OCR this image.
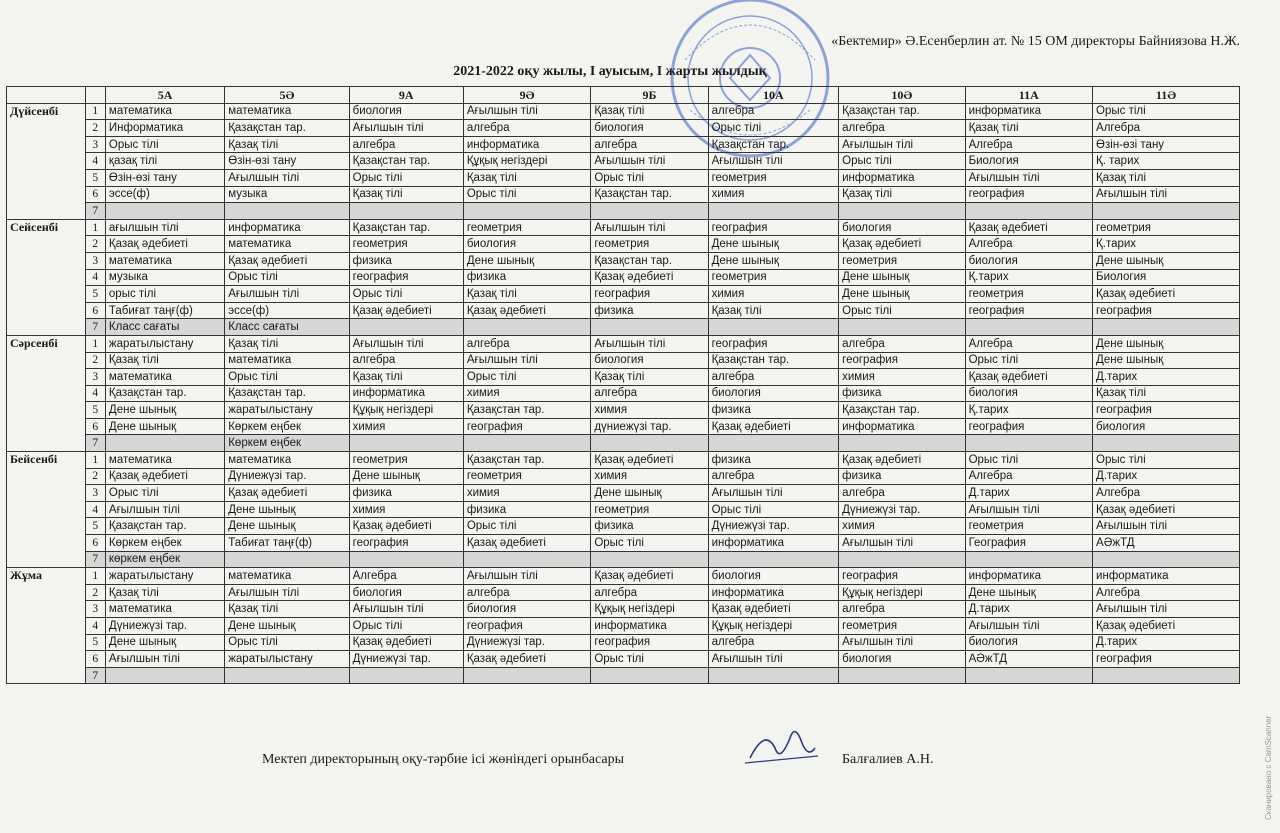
«Бектемир» Ә.Есенберлин ат. № 15 ОМ директоры Байниязова Н.Ж.
2021-2022 оқу жылы, I ауысым, I жарты жылдық
		5А	5Ә	9А	9Ә	9Б	10А	10Ә	11А	11Ә
Дүйсенбі	1	математика	математика	биология	Ағылшын тілі	Қазақ тілі	алгебра	Қазақстан тар.	информатика	Орыс тілі
	2	Информатика	Қазақстан тар.	Ағылшын тілі	алгебра	биология	Орыс тілі	алгебра	Қазақ тілі	Алгебра
	3	Орыс тілі	Қазақ тілі	алгебра	информатика	алгебра	Қазақстан тар.	Ағылшын тілі	Алгебра	Өзін-өзі тану
	4	қазақ тілі	Өзін-өзі тану	Қазақстан тар.	Құқық негіздері	Ағылшын тілі	Ағылшын тілі	Орыс тілі	Биология	Қ. тарих
	5	Өзін-өзі тану	Ағылшын тілі	Орыс тілі	Қазақ тілі	Орыс тілі	геометрия	информатика	Ағылшын тілі	Қазақ тілі
	6	эссе(ф)	музыка	Қазақ тілі	Орыс тілі	Қазақстан тар.	химия	Қазақ тілі	география	Ағылшын тілі
	7									
Сейсенбі	1	ағылшын тілі	информатика	Қазақстан тар.	геометрия	Ағылшын тілі	география	биология	Қазақ әдебиеті	геометрия
	2	Қазақ әдебиеті	математика	геометрия	биология	геометрия	Дене шынық	Қазақ әдебиеті	Алгебра	Қ.тарих
	3	математика	Қазақ әдебиеті	физика	Дене шынық	Қазақстан тар.	Дене шынық	геометрия	биология	Дене шынық
	4	музыка	Орыс тілі	география	физика	Қазақ әдебиеті	геометрия	Дене шынық	Қ.тарих	Биология
	5	орыс тілі	Ағылшын тілі	Орыс тілі	Қазақ тілі	география	химия	Дене шынық	геометрия	Қазақ әдебиеті
	6	Табиғат таңғ(ф)	эссе(ф)	Қазақ әдебиеті	Қазақ әдебиеті	физика	Қазақ тілі	Орыс тілі	география	география
	7	Класс сағаты	Класс сағаты							
Сәрсенбі	1	жаратылыстану	Қазақ тілі	Ағылшын тілі	алгебра	Ағылшын тілі	география	алгебра	Алгебра	Дене шынық
	2	Қазақ тілі	математика	алгебра	Ағылшын тілі	биология	Қазақстан тар.	география	Орыс тілі	Дене шынық
	3	математика	Орыс тілі	Қазақ тілі	Орыс тілі	Қазақ тілі	алгебра	химия	Қазақ әдебиеті	Д.тарих
	4	Қазақстан тар.	Қазақстан тар.	информатика	химия	алгебра	биология	физика	биология	Қазақ тілі
	5	Дене шынық	жаратылыстану	Құқық негіздері	Қазақстан тар.	химия	физика	Қазақстан тар.	Қ.тарих	география
	6	Дене шынық	Көркем еңбек	химия	география	дүниежүзі тар.	Қазақ әдебиеті	информатика	география	биология
	7		Көркем еңбек							
Бейсенбі	1	математика	математика	геометрия	Қазақстан тар.	Қазақ әдебиеті	физика	Қазақ әдебиеті	Орыс тілі	Орыс тілі
	2	Қазақ әдебиеті	Дүниежүзі тар.	Дене шынық	геометрия	химия	алгебра	физика	Алгебра	Д.тарих
	3	Орыс тілі	Қазақ әдебиеті	физика	химия	Дене шынық	Ағылшын тілі	алгебра	Д.тарих	Алгебра
	4	Ағылшын тілі	Дене шынық	химия	физика	геометрия	Орыс тілі	Дүниежүзі тар.	Ағылшын тілі	Қазақ әдебиеті
	5	Қазақстан тар.	Дене шынық	Қазақ әдебиеті	Орыс тілі	физика	Дүниежүзі тар.	химия	геометрия	Ағылшын тілі
	6	Көркем еңбек	Табиғат таңғ(ф)	география	Қазақ әдебиеті	Орыс тілі	информатика	Ағылшын тілі	География	АӘжТД
	7	көркем еңбек								
Жұма	1	жаратылыстану	математика	Алгебра	Ағылшын тілі	Қазақ әдебиеті	биология	география	информатика	информатика
	2	Қазақ тілі	Ағылшын тілі	биология	алгебра	алгебра	информатика	Құқық негіздері	Дене шынық	Алгебра
	3	математика	Қазақ тілі	Ағылшын тілі	биология	Құқық негіздері	Қазақ әдебиеті	алгебра	Д.тарих	Ағылшын тілі
	4	Дүниежүзі тар.	Дене шынық	Орыс тілі	география	информатика	Құқық негіздері	геометрия	Ағылшын тілі	Қазақ әдебиеті
	5	Дене шынық	Орыс тілі	Қазақ әдебиеті	Дүниежүзі тар.	география	алгебра	Ағылшын тілі	биология	Д.тарих
	6	Ағылшын тілі	жаратылыстану	Дүниежүзі тар.	Қазақ әдебиеті	Орыс тілі	Ағылшын тілі	биология	АӘжТД	география
	7									
Мектеп директорының оқу-тәрбие ісі жөніндегі орынбасары	Балғалиев А.Н.	Сканировано с CamScanner
